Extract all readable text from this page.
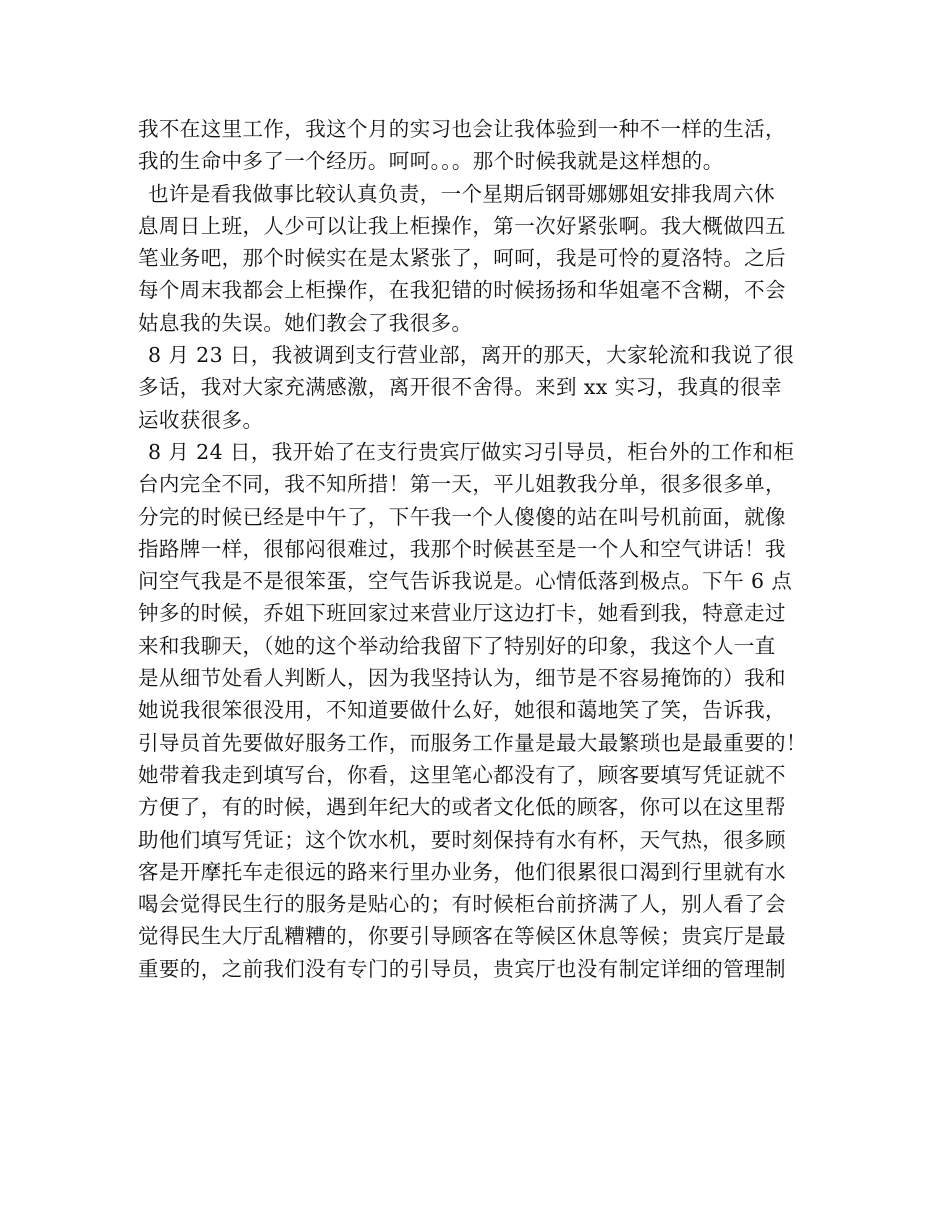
我不在这里工作，我这个月的实习也会让我体验到一种不一样的生活，
我的生命中多了一个经历。呵呵。。。那个时候我就是这样想的。
也许是看我做事比较认真负责，一个星期后钢哥娜娜姐安排我周六休
息周日上班，人少可以让我上柜操作，第一次好紧张啊。我大概做四五
笔业务吧，那个时候实在是太紧张了，呵呵，我是可怜的夏洛特。之后
每个周末我都会上柜操作，在我犯错的时候扬扬和华姐毫不含糊，不会
姑息我的失误。她们教会了我很多。
8 月 23 日，我被调到支行营业部，离开的那天，大家轮流和我说了很
多话，我对大家充满感激，离开很不舍得。来到 xx 实习，我真的很幸
运收获很多。
8 月 24 日，我开始了在支行贵宾厅做实习引导员，柜台外的工作和柜
台内完全不同，我不知所措！第一天，平儿姐教我分单，很多很多单，
分完的时候已经是中午了，下午我一个人傻傻的站在叫号机前面，就像
指路牌一样，很郁闷很难过，我那个时候甚至是一个人和空气讲话！我
问空气我是不是很笨蛋，空气告诉我说是。心情低落到极点。下午 6 点
钟多的时候，乔姐下班回家过来营业厅这边打卡，她看到我，特意走过
来和我聊天，（她的这个举动给我留下了特别好的印象，我这个人一直
是从细节处看人判断人，因为我坚持认为，细节是不容易掩饰的）我和
她说我很笨很没用，不知道要做什么好，她很和蔼地笑了笑，告诉我，
引导员首先要做好服务工作，而服务工作量是最大最繁琐也是最重要的！
她带着我走到填写台，你看，这里笔心都没有了，顾客要填写凭证就不
方便了，有的时候，遇到年纪大的或者文化低的顾客，你可以在这里帮
助他们填写凭证；这个饮水机，要时刻保持有水有杯，天气热，很多顾
客是开摩托车走很远的路来行里办业务，他们很累很口渴到行里就有水
喝会觉得民生行的服务是贴心的；有时候柜台前挤满了人，别人看了会
觉得民生大厅乱糟糟的，你要引导顾客在等候区休息等候；贵宾厅是最
重要的，之前我们没有专门的引导员，贵宾厅也没有制定详细的管理制
